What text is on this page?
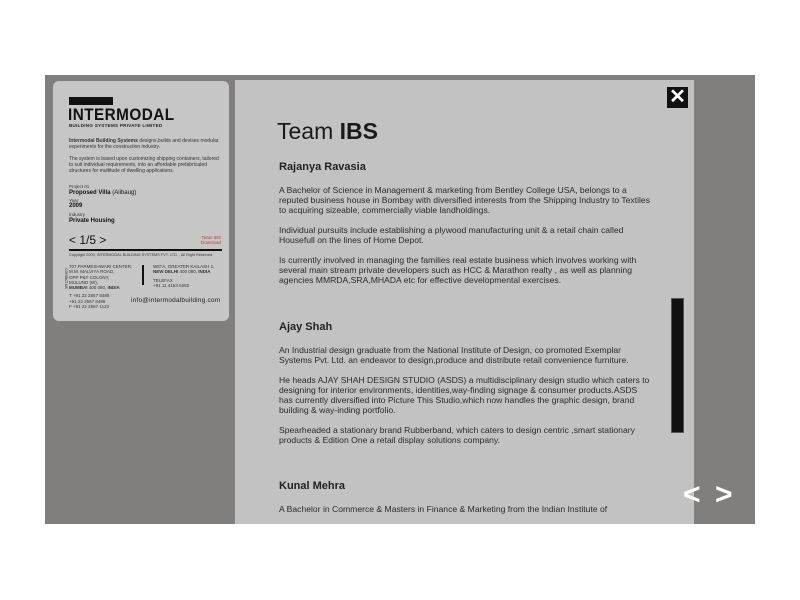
INTERMODAL
BUILDING SYSTEMS PRIVATE LIMITED
Intermodal Building Systems designs,builds and devises modular experiments for the construction industry.
The system is based upon customizing shipping containers, tailored to suit individual requirements, into an affordable prefabricated structures for multitude of dwelling applications.
Project 01
Proposed Villa (Alibaug)
Year
2009
Industry
Private Housing
< 1/5 >	Team IBS
Download
Copyright 2009, INTERMODAL BUILDING SYSTEMS PVT. LTD. , All Right Reserved.
contact us
707,PARMESHWARI CENTER,
M.M. MALVIYA ROAD,
OPP P&T COLONY,
MULUND (W),
MUMBAI 400 080, INDIA
T +91 22 2567 8485
+91 22 2567 8486
F +91 22 2567 1122
W57A, GREATER KAILASH 1,
NEW DELHI 400 080, INDIA
TELEFAX
+91 11 4163 6282
info@intermodalbuilding.com
Team IBS
Rajanya Ravasia
A Bachelor of Science in Management & marketing from Bentley College USA, belongs to a reputed business house in Bombay with diversified interests from the Shipping Industry to Textiles to acquiring sizeable, commercially viable landholdings.
Individual pursuits include establishing a plywood manufacturing unit & a retail chain called Housefull on the lines of Home Depot.
Is currently involved in managing the families real estate business which involves working with several main stream private developers such as HCC & Marathon realty , as well as planning agencies MMRDA,SRA,MHADA etc for effective developmental exercises.
Ajay Shah
An Industrial design graduate from the National Institute of Design, co promoted Exemplar Systems Pvt. Ltd. an endeavor to design,produce and distribute retail convenience furniture.
He heads AJAY SHAH DESIGN STUDIO (ASDS) a multidisciplinary design studio which caters to designing for interior environments, identities,way-finding signage & consumer products.ASDS has currently diversified into Picture This Studio,which now handles the graphic design, brand building & way-inding portfolio.
Spearheaded a stationary brand Rubberband, which caters to design centric ,smart stationary products & Edition One a retail display solutions company.
Kunal Mehra
A Bachelor in Commerce & Masters in Finance & Marketing from the Indian Institute of
✕
< >
